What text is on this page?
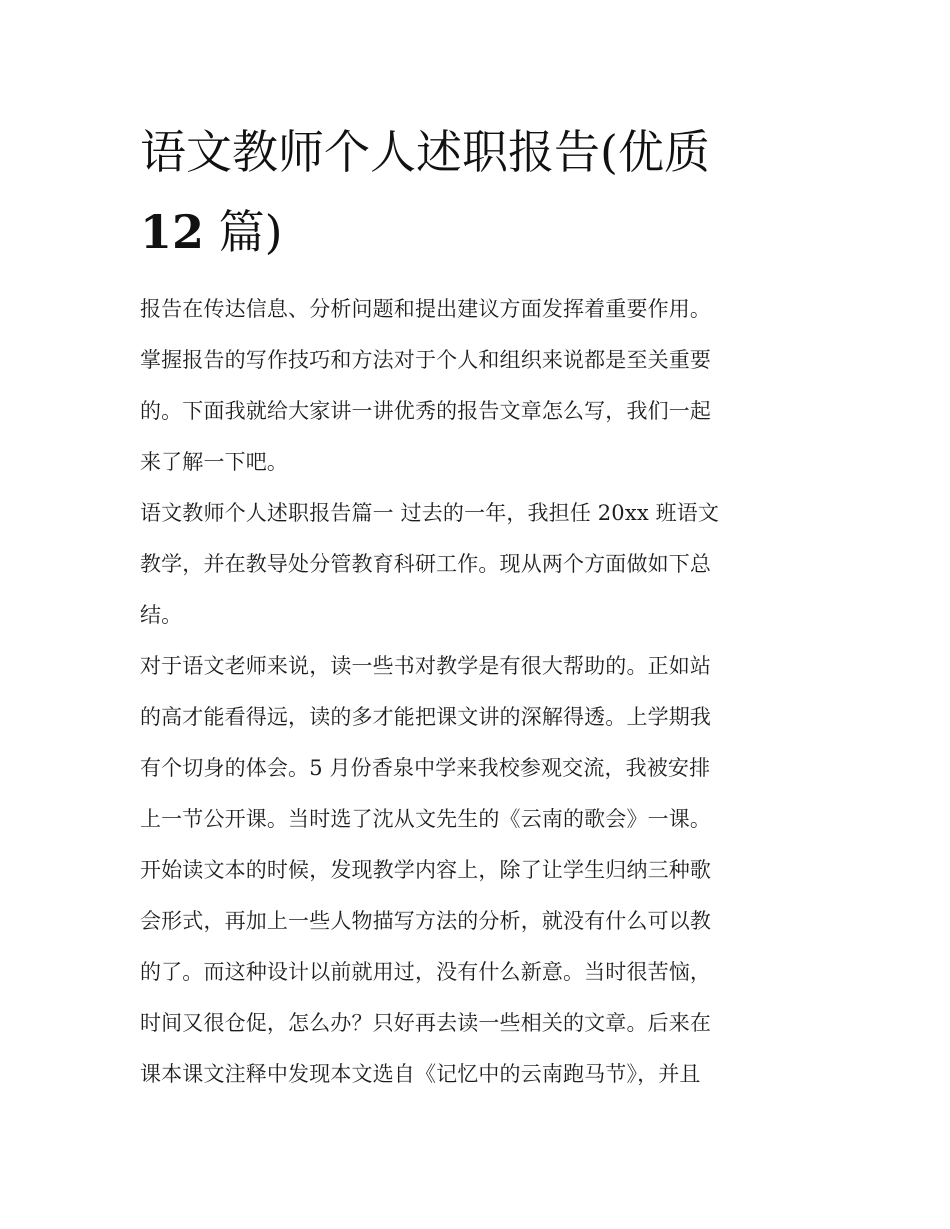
语文教师个人述职报告(优质
12 篇)

报告在传达信息、分析问题和提出建议方面发挥着重要作用。
掌握报告的写作技巧和方法对于个人和组织来说都是至关重要
的。下面我就给大家讲一讲优秀的报告文章怎么写，我们一起
来了解一下吧。

语文教师个人述职报告篇一 过去的一年，我担任 20xx 班语文
教学，并在教导处分管教育科研工作。现从两个方面做如下总
结。

对于语文老师来说，读一些书对教学是有很大帮助的。正如站
的高才能看得远，读的多才能把课文讲的深解得透。上学期我
有个切身的体会。5 月份香泉中学来我校参观交流，我被安排
上一节公开课。当时选了沈从文先生的《云南的歌会》一课。
开始读文本的时候，发现教学内容上，除了让学生归纳三种歌
会形式，再加上一些人物描写方法的分析，就没有什么可以教
的了。而这种设计以前就用过，没有什么新意。当时很苦恼，
时间又很仓促，怎么办？只好再去读一些相关的文章。后来在
课本课文注释中发现本文选自《记忆中的云南跑马节》，并且
